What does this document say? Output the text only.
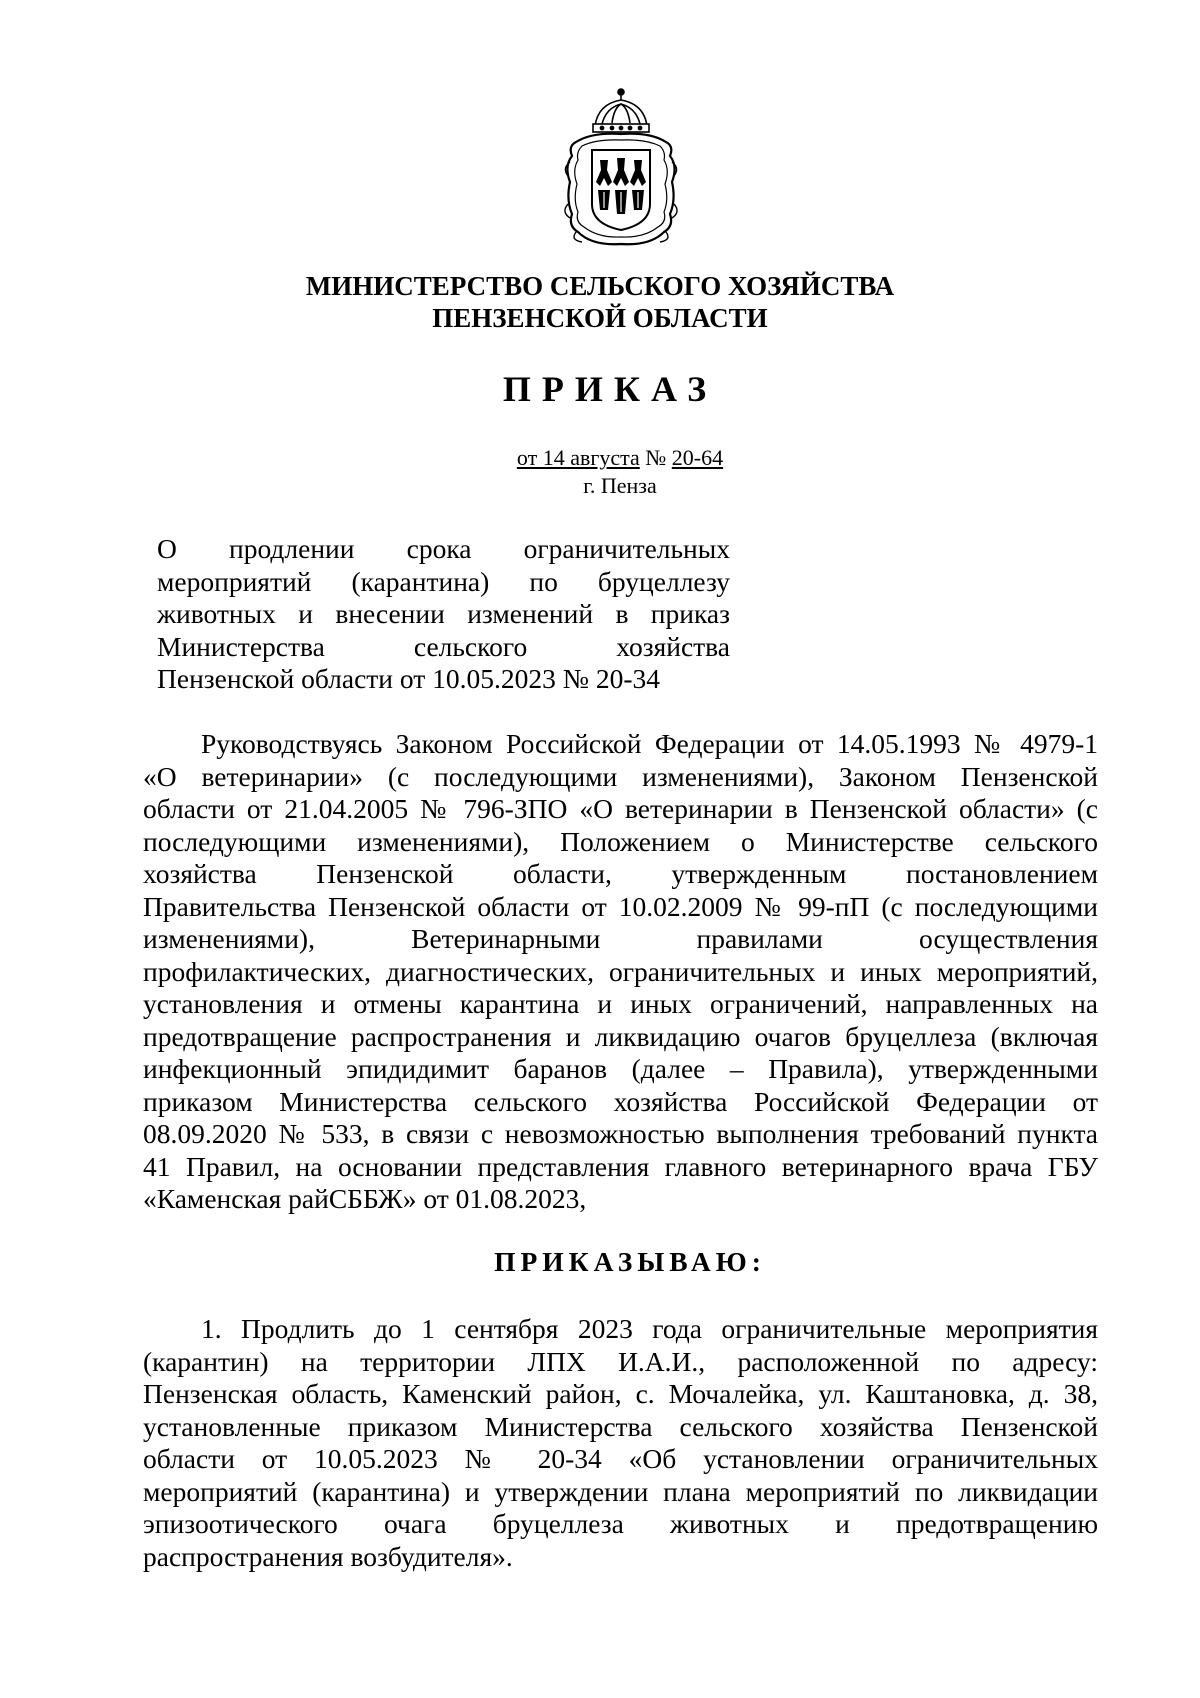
МИНИСТЕРСТВО СЕЛЬСКОГО ХОЗЯЙСТВА
ПЕНЗЕНСКОЙ ОБЛАСТИ
ПРИКАЗ
от 14 августа № 20-64
г. Пенза
О продлении срока ограничительных
мероприятий (карантина) по бруцеллезу
животных и внесении изменений в приказ
Министерства сельского хозяйства
Пензенской области от 10.05.2023 № 20-34
Руководствуясь Законом Российской Федерации от 14.05.1993 № 4979-1
«О ветеринарии» (с последующими изменениями), Законом Пензенской
области от 21.04.2005 № 796-ЗПО «О ветеринарии в Пензенской области» (с
последующими изменениями), Положением о Министерстве сельского
хозяйства Пензенской области, утвержденным постановлением
Правительства Пензенской области от 10.02.2009 № 99-пП (с последующими
изменениями), Ветеринарными правилами осуществления
профилактических, диагностических, ограничительных и иных мероприятий,
установления и отмены карантина и иных ограничений, направленных на
предотвращение распространения и ликвидацию очагов бруцеллеза (включая
инфекционный эпидидимит баранов (далее – Правила), утвержденными
приказом Министерства сельского хозяйства Российской Федерации от
08.09.2020 № 533, в связи с невозможностью выполнения требований пункта
41 Правил, на основании представления главного ветеринарного врача ГБУ
«Каменская райСББЖ» от 01.08.2023,
ПРИКАЗЫВАЮ:
1. Продлить до 1 сентября 2023 года ограничительные мероприятия
(карантин) на территории ЛПХ И.А.И., расположенной по адресу:
Пензенская область, Каменский район, с. Мочалейка, ул. Каштановка, д. 38,
установленные приказом Министерства сельского хозяйства Пензенской
области от 10.05.2023 № 20-34 «Об установлении ограничительных
мероприятий (карантина) и утверждении плана мероприятий по ликвидации
эпизоотического очага бруцеллеза животных и предотвращению
распространения возбудителя».
